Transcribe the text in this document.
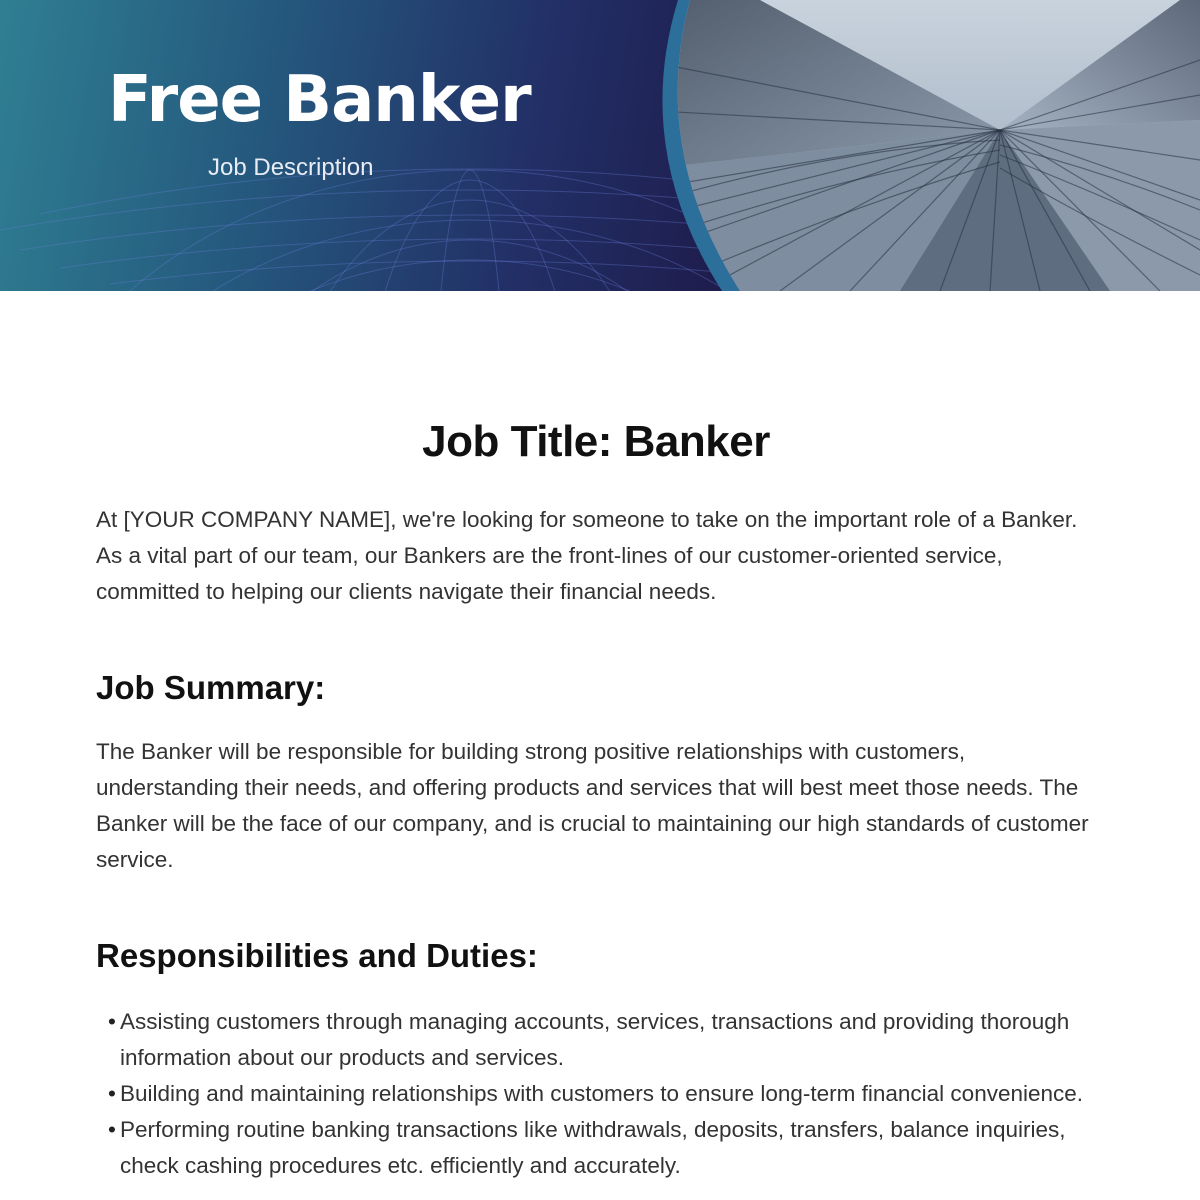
Free Banker

Job Description

Job Title: Banker

At [YOUR COMPANY NAME], we're looking for someone to take on the important role of a Banker. As a vital part of our team, our Bankers are the front-lines of our customer-oriented service, committed to helping our clients navigate their financial needs.

Job Summary:

The Banker will be responsible for building strong positive relationships with customers, understanding their needs, and offering products and services that will best meet those needs. The Banker will be the face of our company, and is crucial to maintaining our high standards of customer service.

Responsibilities and Duties:
• Assisting customers through managing accounts, services, transactions and providing thorough information about our products and services.
• Building and maintaining relationships with customers to ensure long-term financial convenience.
• Performing routine banking transactions like withdrawals, deposits, transfers, balance inquiries, check cashing procedures etc. efficiently and accurately.
